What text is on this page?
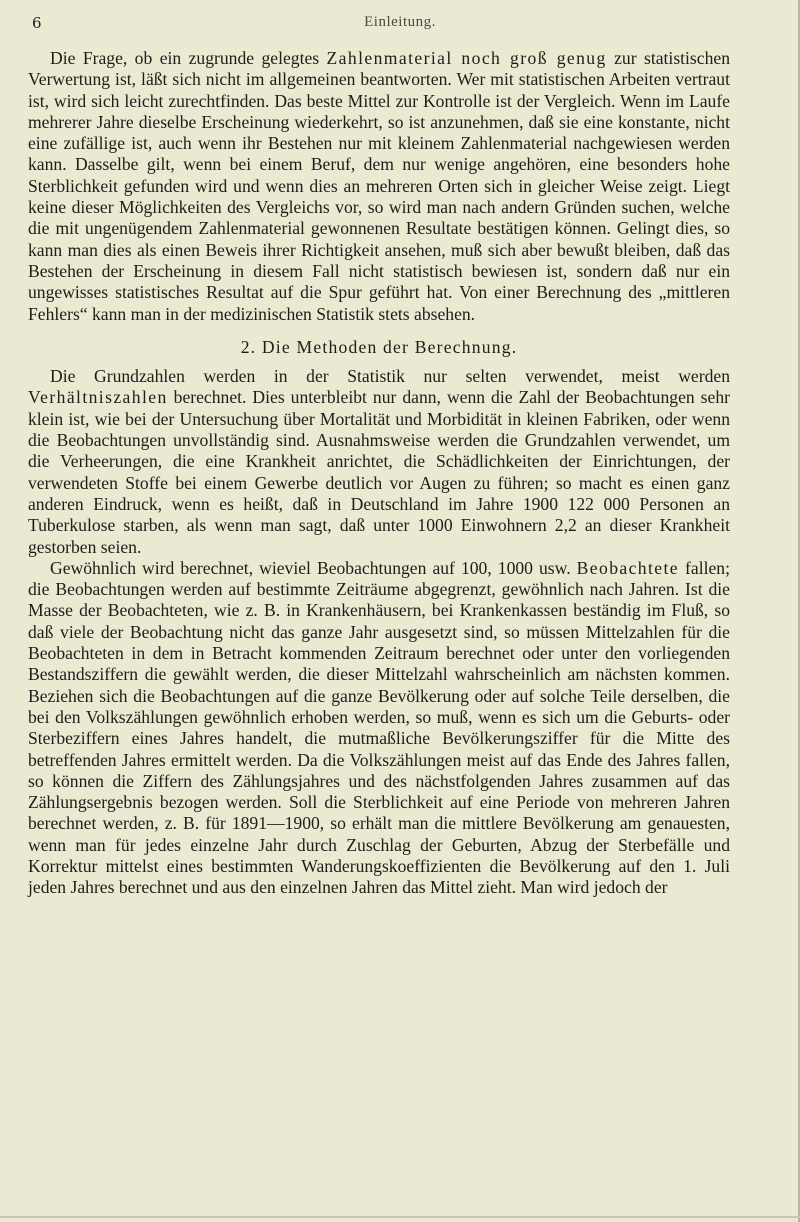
6	Einleitung.

Die Frage, ob ein zugrunde gelegtes Zahlenmaterial noch groß genug zur statistischen Verwertung ist, läßt sich nicht im allgemeinen beantworten. Wer mit statistischen Arbeiten vertraut ist, wird sich leicht zurechtfinden. Das beste Mittel zur Kontrolle ist der Vergleich. Wenn im Laufe mehrerer Jahre dieselbe Erscheinung wiederkehrt, so ist anzunehmen, daß sie eine konstante, nicht eine zufällige ist, auch wenn ihr Bestehen nur mit kleinem Zahlenmaterial nachgewiesen werden kann. Dasselbe gilt, wenn bei einem Beruf, dem nur wenige angehören, eine besonders hohe Sterblichkeit gefunden wird und wenn dies an mehreren Orten sich in gleicher Weise zeigt. Liegt keine dieser Möglichkeiten des Vergleichs vor, so wird man nach andern Gründen suchen, welche die mit ungenügendem Zahlenmaterial gewonnenen Resultate bestätigen können. Gelingt dies, so kann man dies als einen Beweis ihrer Richtigkeit ansehen, muß sich aber bewußt bleiben, daß das Bestehen der Erscheinung in diesem Fall nicht statistisch bewiesen ist, sondern daß nur ein ungewisses statistisches Resultat auf die Spur geführt hat. Von einer Berechnung des „mittleren Fehlers“ kann man in der medizinischen Statistik stets absehen.

2. Die Methoden der Berechnung.

Die Grundzahlen werden in der Statistik nur selten verwendet, meist werden Verhältniszahlen berechnet. Dies unterbleibt nur dann, wenn die Zahl der Beobachtungen sehr klein ist, wie bei der Untersuchung über Mortalität und Morbidität in kleinen Fabriken, oder wenn die Beobachtungen unvollständig sind. Ausnahmsweise werden die Grundzahlen verwendet, um die Verheerungen, die eine Krankheit anrichtet, die Schädlichkeiten der Einrichtungen, der verwendeten Stoffe bei einem Gewerbe deutlich vor Augen zu führen; so macht es einen ganz anderen Eindruck, wenn es heißt, daß in Deutschland im Jahre 1900 122 000 Personen an Tuberkulose starben, als wenn man sagt, daß unter 1000 Einwohnern 2,2 an dieser Krankheit gestorben seien.

Gewöhnlich wird berechnet, wieviel Beobachtungen auf 100, 1000 usw. Beobachtete fallen; die Beobachtungen werden auf bestimmte Zeiträume abgegrenzt, gewöhnlich nach Jahren. Ist die Masse der Beobachteten, wie z. B. in Krankenhäusern, bei Krankenkassen beständig im Fluß, so daß viele der Beobachtung nicht das ganze Jahr ausgesetzt sind, so müssen Mittelzahlen für die Beobachteten in dem in Betracht kommenden Zeitraum berechnet oder unter den vorliegenden Bestandsziffern die gewählt werden, die dieser Mittelzahl wahrscheinlich am nächsten kommen. Beziehen sich die Beobachtungen auf die ganze Bevölkerung oder auf solche Teile derselben, die bei den Volkszählungen gewöhnlich erhoben werden, so muß, wenn es sich um die Geburts- oder Sterbeziffern eines Jahres handelt, die mutmaßliche Bevölkerungsziffer für die Mitte des betreffenden Jahres ermittelt werden. Da die Volkszählungen meist auf das Ende des Jahres fallen, so können die Ziffern des Zählungsjahres und des nächstfolgenden Jahres zusammen auf das Zählungsergebnis bezogen werden. Soll die Sterblichkeit auf eine Periode von mehreren Jahren berechnet werden, z. B. für 1891—1900, so erhält man die mittlere Bevölkerung am genauesten, wenn man für jedes einzelne Jahr durch Zuschlag der Geburten, Abzug der Sterbefälle und Korrektur mittelst eines bestimmten Wanderungskoeffizienten die Bevölkerung auf den 1. Juli jeden Jahres berechnet und aus den einzelnen Jahren das Mittel zieht. Man wird jedoch der
